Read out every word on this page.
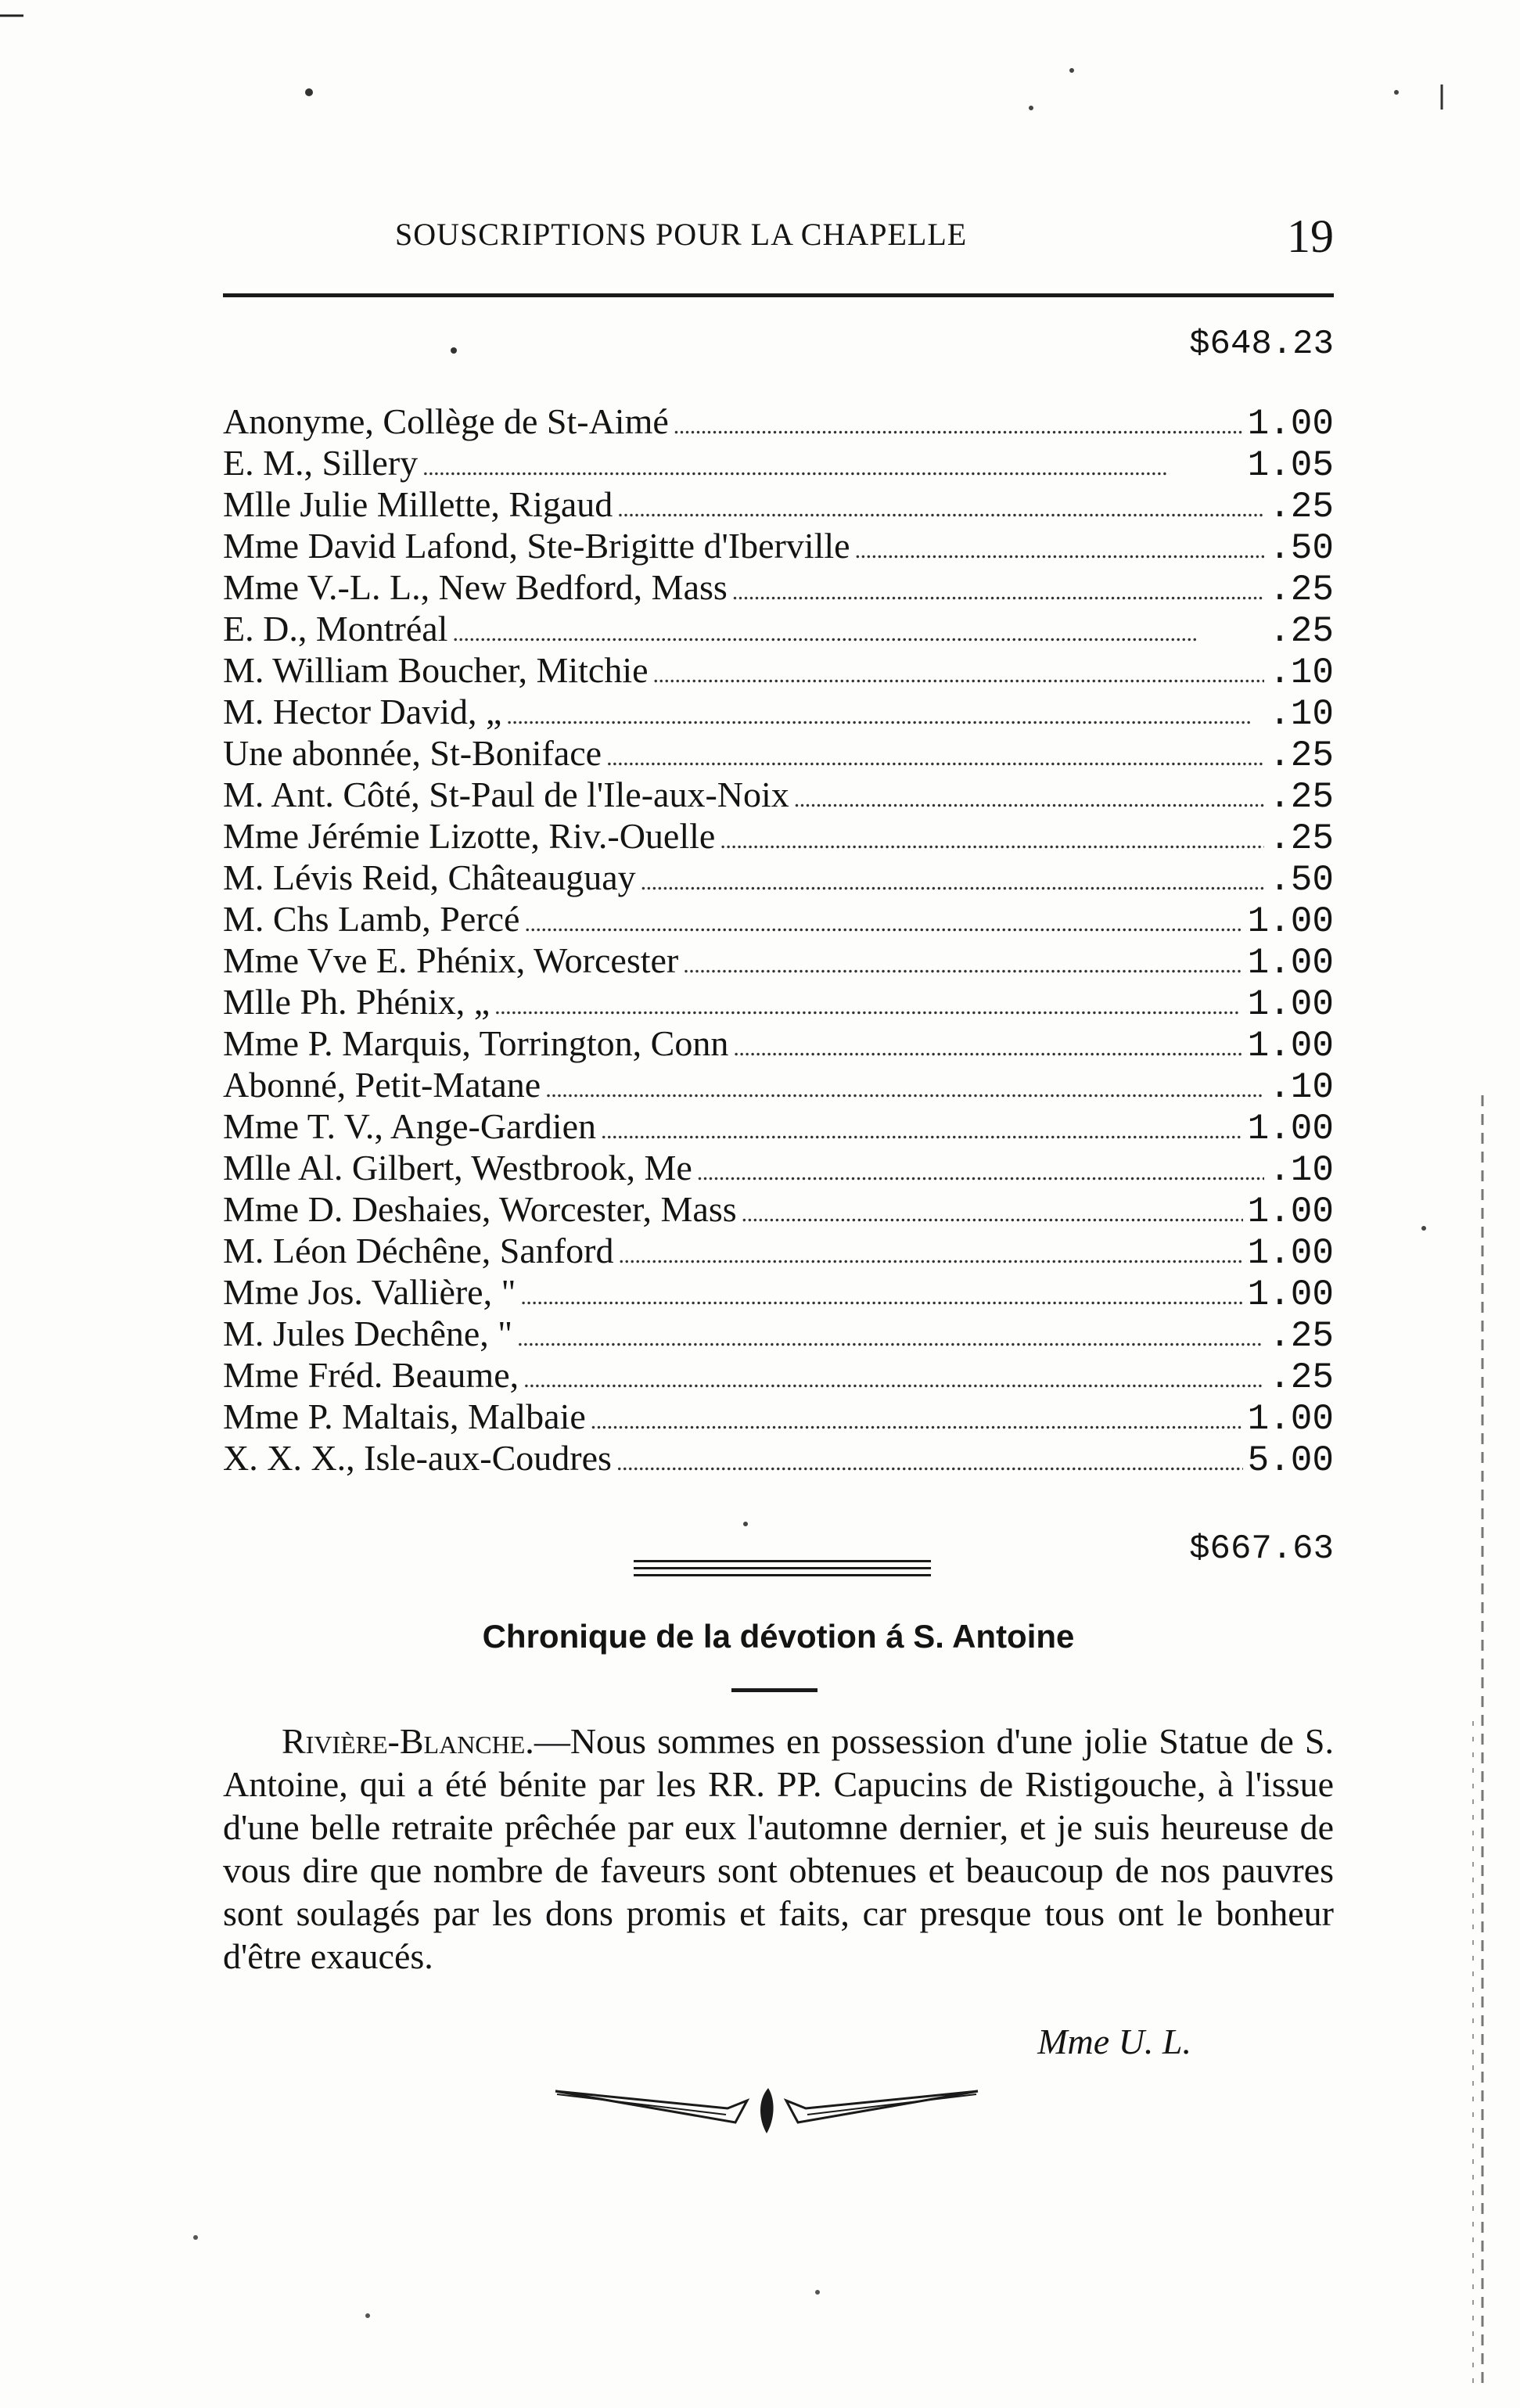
SOUSCRIPTIONS POUR LA CHAPELLE	19
$648.23
Anonyme, Collège de St-Aimé . . .	1.00
E. M., Sillery . . .	1.05
Mlle Julie Millette, Rigaud . . .	.25
Mme David Lafond, Ste-Brigitte d'Iberville . . .	.50
Mme V.-L. L., New Bedford, Mass . . .	.25
E. D., Montréal . . .	.25
M. William Boucher, Mitchie . . .	.10
M. Hector David, „ . . .	.10
Une abonnée, St-Boniface . . .	.25
M. Ant. Côté, St-Paul de l'Ile-aux-Noix . . .	.25
Mme Jérémie Lizotte, Riv.-Ouelle . . .	.25
M. Lévis Reid, Châteauguay . . .	.50
M. Chs Lamb, Percé . . .	1.00
Mme Vve E. Phénix, Worcester . . .	1.00
Mlle Ph. Phénix, „ . . .	1.00
Mme P. Marquis, Torrington, Conn . . .	1.00
Abonné, Petit-Matane . . .	.10
Mme T. V., Ange-Gardien . . .	1.00
Mlle Al. Gilbert, Westbrook, Me . . .	.10
Mme D. Deshaies, Worcester, Mass . . .	1.00
M. Léon Déchêne, Sanford . . .	1.00
Mme Jos. Vallière, " . . .	1.00
M. Jules Dechêne, " . . .	.25
Mme Fréd. Beaume, . . .	.25
Mme P. Maltais, Malbaie . . .	1.00
X. X. X., Isle-aux-Coudres . . .	5.00
$667.63
Chronique de la dévotion á S. Antoine

Rivière-Blanche.—Nous sommes en possession d'une jolie Statue de S. Antoine, qui a été bénite par les RR. PP. Capucins de Ristigouche, à l'issue d'une belle retraite prêchée par eux l'automne dernier, et je suis heureuse de vous dire que nombre de faveurs sont obtenues et beaucoup de nos pauvres sont soulagés par les dons promis et faits, car presque tous ont le bonheur d'être exaucés.

Mme U. L.
